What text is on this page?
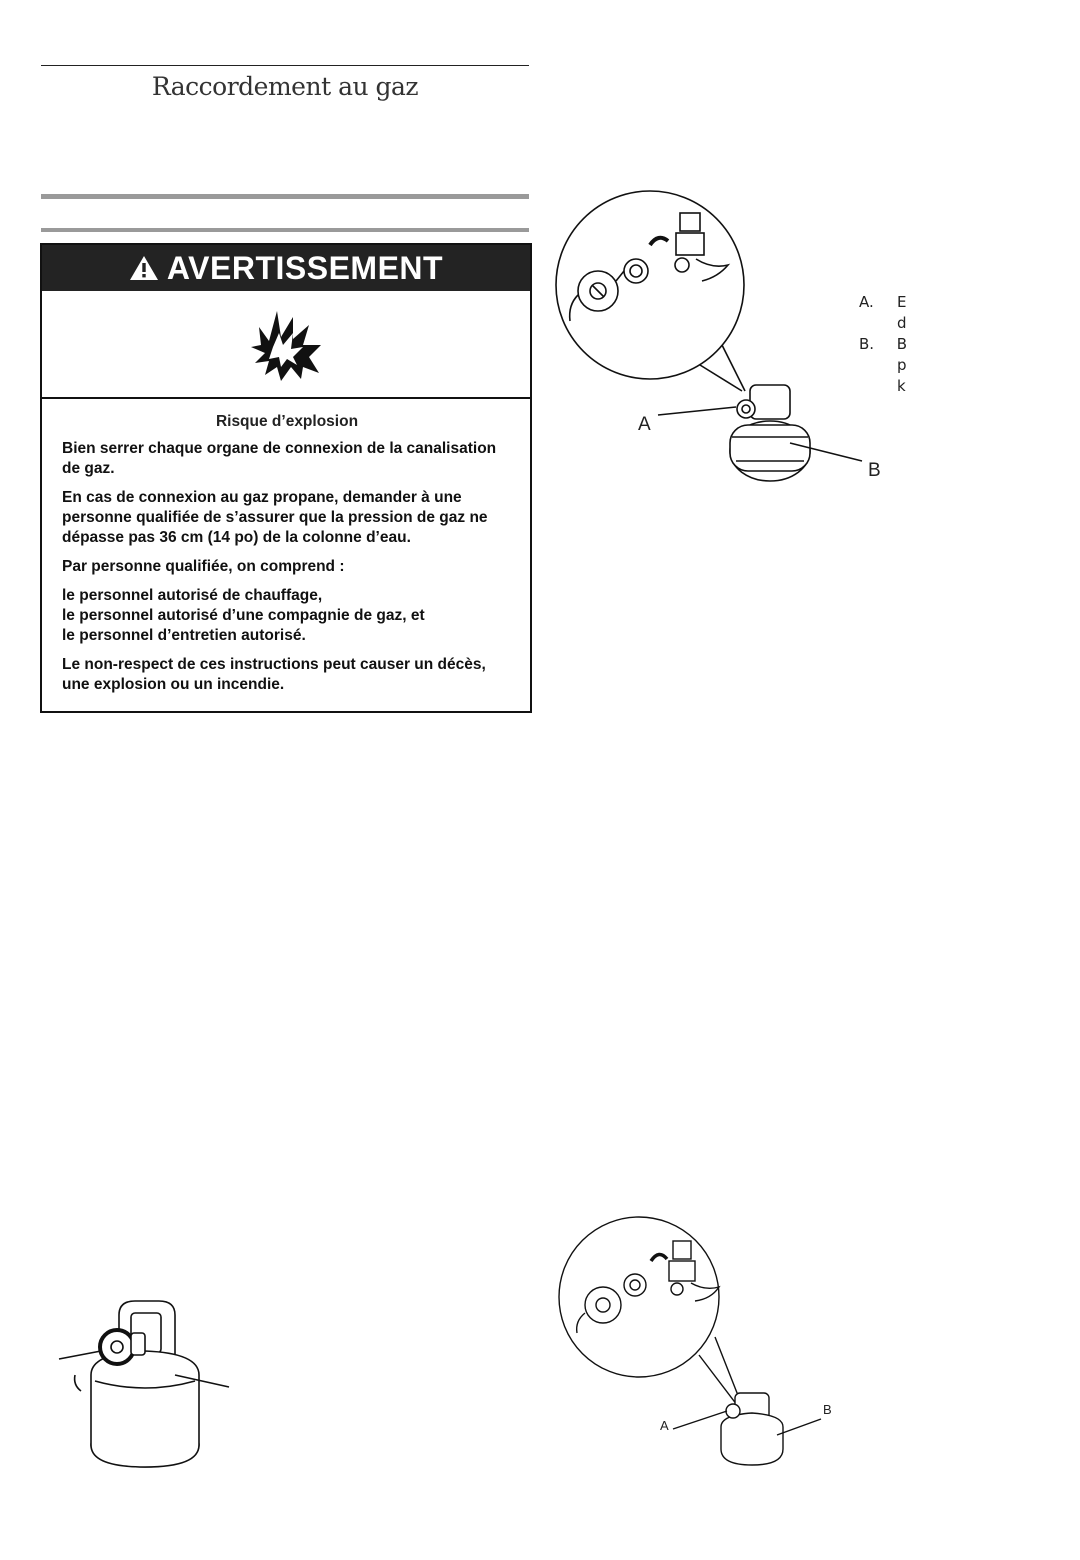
Raccordement au gaz
AVERTISSEMENT
Risque d’explosion

Bien serrer chaque organe de connexion de la canalisation de gaz.

En cas de connexion au gaz propane, demander à une personne qualifiée de s’assurer que la pression de gaz ne dépasse pas 36 cm (14 po) de la colonne d’eau.

Par personne qualifiée, on comprend :

le personnel autorisé de chauffage,
le personnel autorisé d’une compagnie de gaz, et
le personnel d’entretien autorisé.

Le non-respect de ces instructions peut causer un décès, une explosion ou un incendie.

A
B
A.	E
d
B.	B
p
k
A
B
